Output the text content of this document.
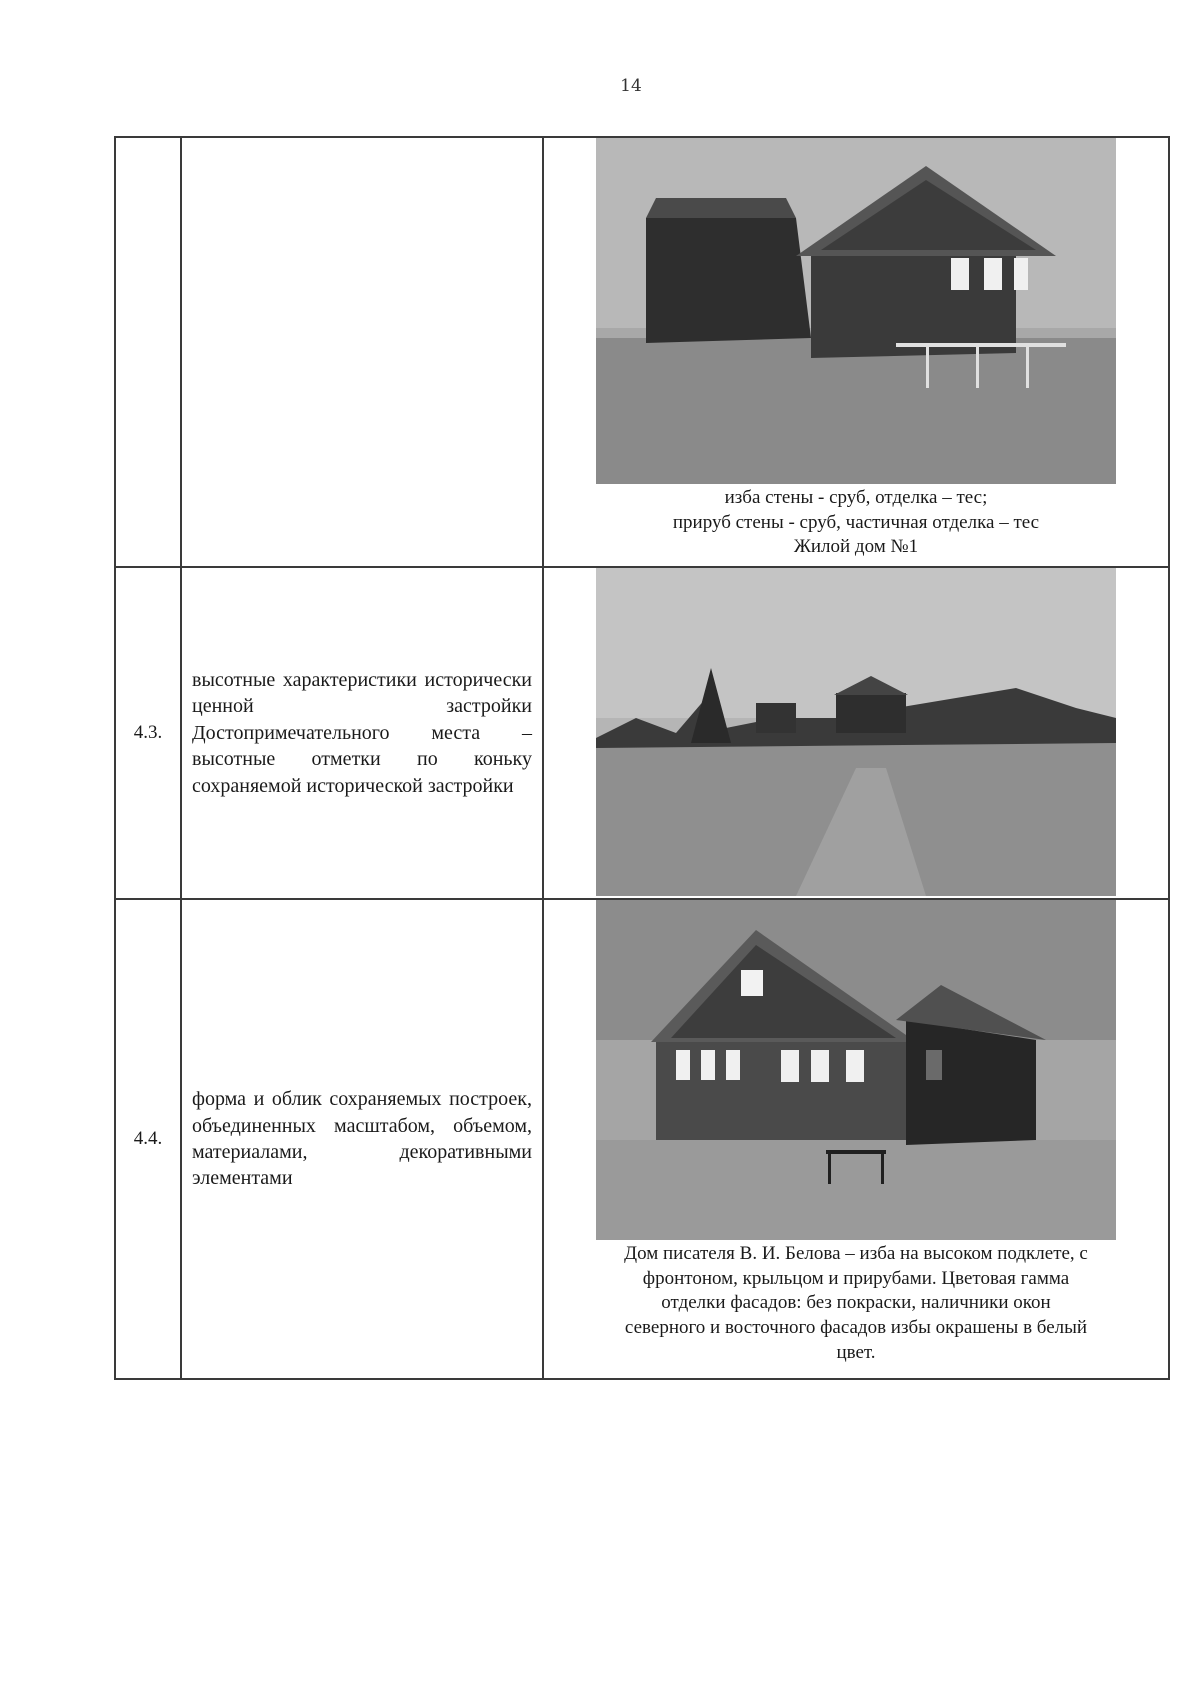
14

		изба стены - сруб, отделка – тес;
прируб стены - сруб, частичная отделка – тес
Жилой дом №1

4.3.	высотные характеристики исторически ценной застройки Достопримечательного места – высотные отметки по коньку сохраняемой исторической застройки	

4.4.	форма и облик сохраняемых построек, объединенных масштабом, объемом, материалами, декоративными элементами	Дом писателя В. И. Белова – изба на высоком подклете, с
фронтоном, крыльцом и прирубами. Цветовая гамма
отделки фасадов: без покраски, наличники окон
северного и восточного фасадов избы окрашены в белый
цвет.
